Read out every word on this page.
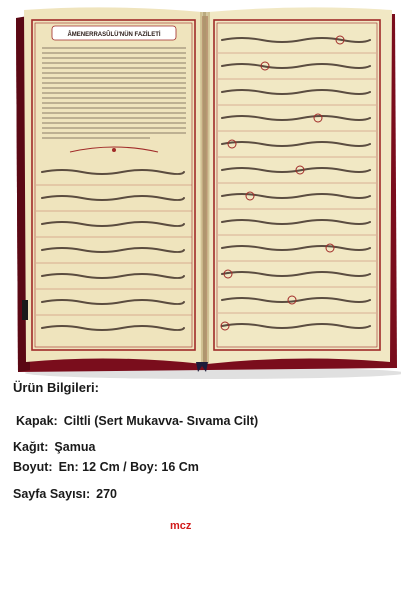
ÂMENERRASÛLÜ'NÜN FAZİLETİ
Ürün Bilgileri:
Kapak: Ciltli (Sert Mukavva- Sıvama Cilt)
Kağıt: Şamua
Boyut: En: 12 Cm / Boy: 16 Cm
Sayfa Sayısı: 270
mcz
